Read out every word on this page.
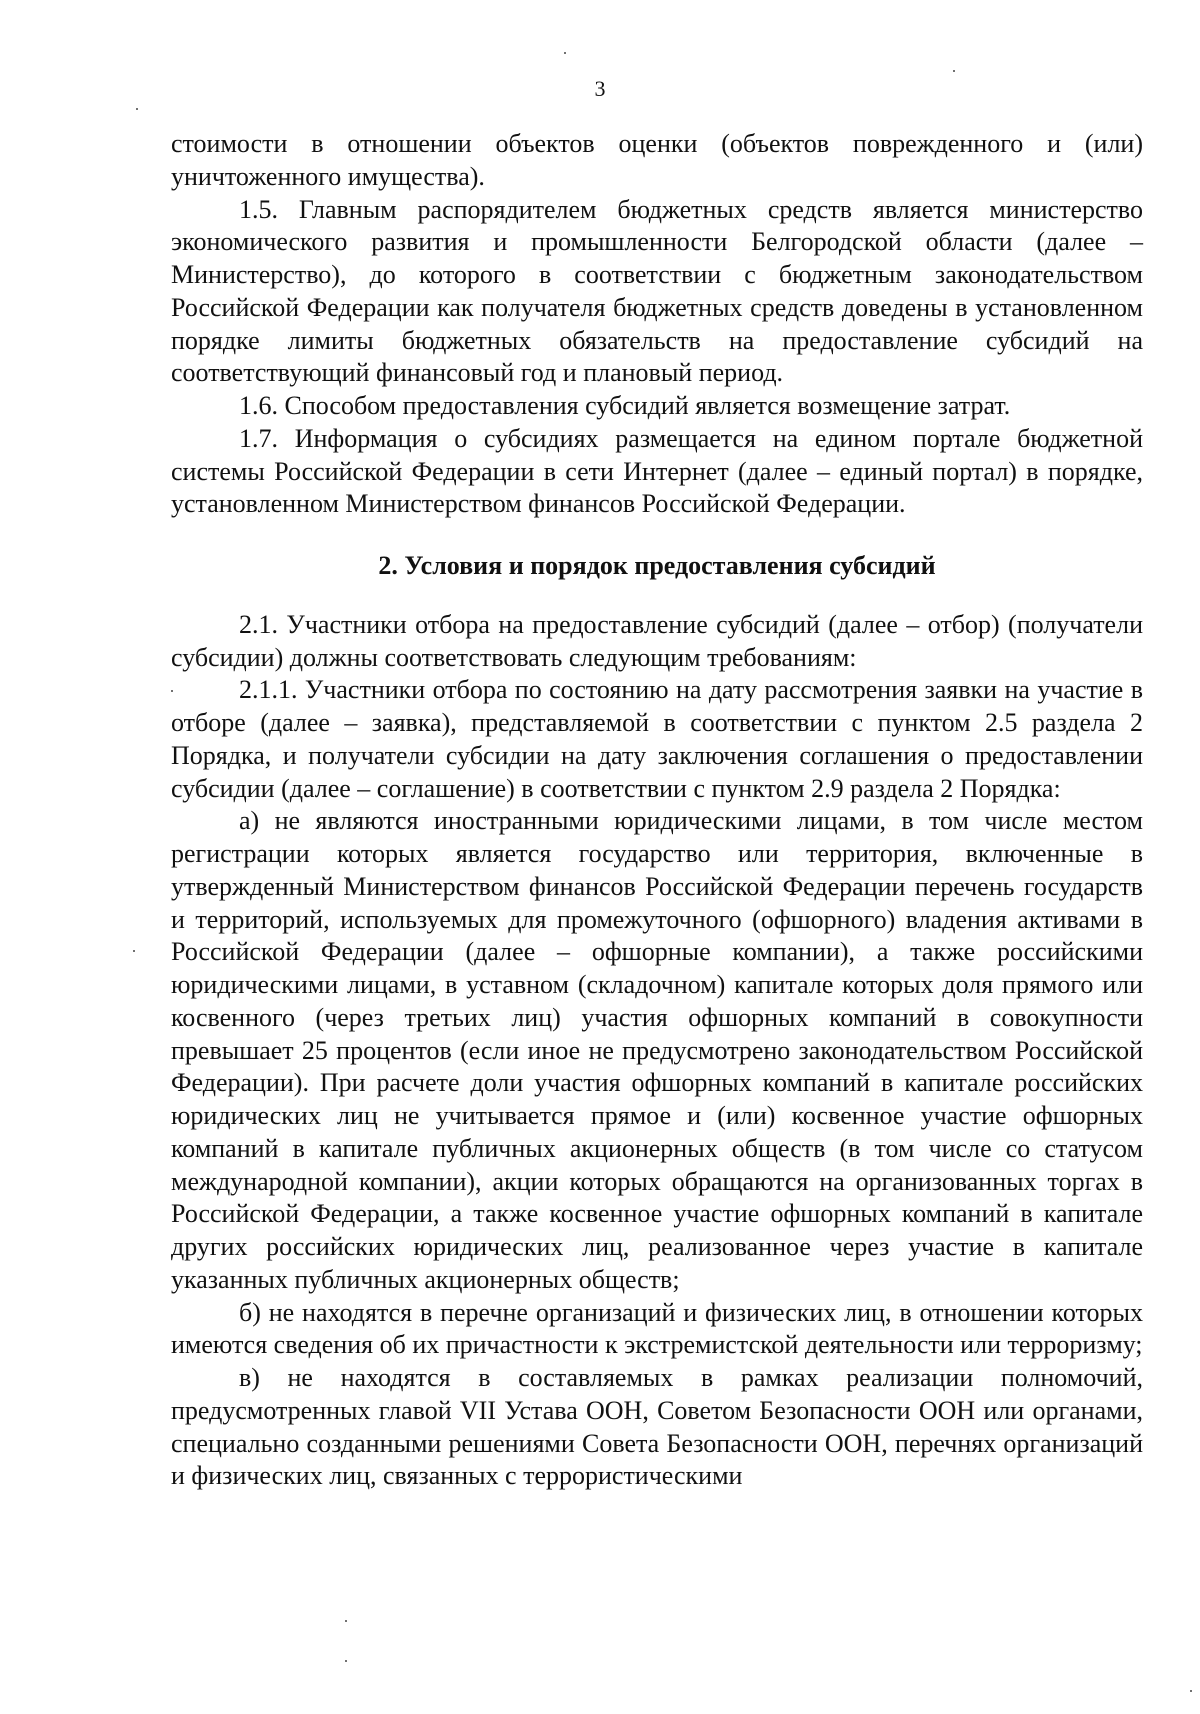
3

стоимости в отношении объектов оценки (объектов поврежденного и (или) уничтоженного имущества).

1.5. Главным распорядителем бюджетных средств является министерство экономического развития и промышленности Белгородской области (далее – Министерство), до которого в соответствии с бюджетным законодательством Российской Федерации как получателя бюджетных средств доведены в установленном порядке лимиты бюджетных обязательств на предоставление субсидий на соответствующий финансовый год и плановый период.

1.6. Способом предоставления субсидий является возмещение затрат.

1.7. Информация о субсидиях размещается на едином портале бюджетной системы Российской Федерации в сети Интернет (далее – единый портал) в порядке, установленном Министерством финансов Российской Федерации.

2. Условия и порядок предоставления субсидий

2.1. Участники отбора на предоставление субсидий (далее – отбор) (получатели субсидии) должны соответствовать следующим требованиям:

2.1.1. Участники отбора по состоянию на дату рассмотрения заявки на участие в отборе (далее – заявка), представляемой в соответствии с пунктом 2.5 раздела 2 Порядка, и получатели субсидии на дату заключения соглашения о предоставлении субсидии (далее – соглашение) в соответствии с пунктом 2.9 раздела 2 Порядка:

а) не являются иностранными юридическими лицами, в том числе местом регистрации которых является государство или территория, включенные в утвержденный Министерством финансов Российской Федерации перечень государств и территорий, используемых для промежуточного (офшорного) владения активами в Российской Федерации (далее – офшорные компании), а также российскими юридическими лицами, в уставном (складочном) капитале которых доля прямого или косвенного (через третьих лиц) участия офшорных компаний в совокупности превышает 25 процентов (если иное не предусмотрено законодательством Российской Федерации). При расчете доли участия офшорных компаний в капитале российских юридических лиц не учитывается прямое и (или) косвенное участие офшорных компаний в капитале публичных акционерных обществ (в том числе со статусом международной компании), акции которых обращаются на организованных торгах в Российской Федерации, а также косвенное участие офшорных компаний в капитале других российских юридических лиц, реализованное через участие в капитале указанных публичных акционерных обществ;

б) не находятся в перечне организаций и физических лиц, в отношении которых имеются сведения об их причастности к экстремистской деятельности или терроризму;

в) не находятся в составляемых в рамках реализации полномочий, предусмотренных главой VII Устава ООН, Советом Безопасности ООН или органами, специально созданными решениями Совета Безопасности ООН, перечнях организаций и физических лиц, связанных с террористическими
